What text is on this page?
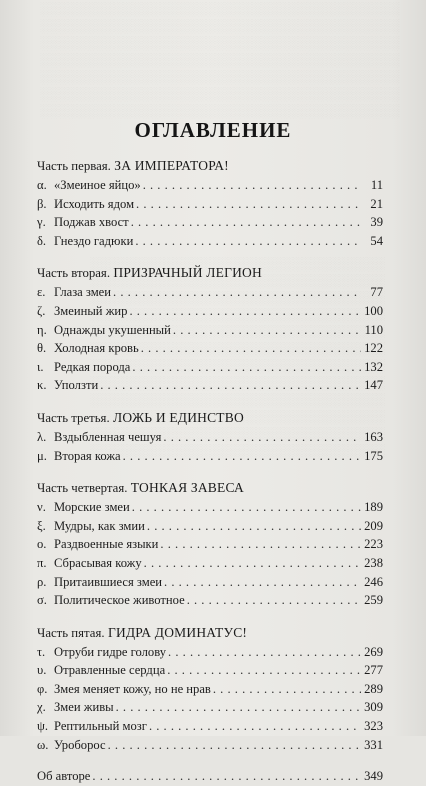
ОГЛАВЛЕНИЕ
Часть первая. ЗА ИМПЕРАТОРА!
α. «Змеиное яйцо» . . .	11
β. Исходить ядом . . .	21
γ. Поджав хвост . . .	39
δ. Гнездо гадюки . . .	54
Часть вторая. ПРИЗРАЧНЫЙ ЛЕГИОН
ε. Глаза змеи . . .	77
ζ. Змеиный жир . . .	100
η. Однажды укушенный . . .	110
θ. Холодная кровь . . .	122
ι. Редкая порода . . .	132
κ. Уползти . . .	147
Часть третья. ЛОЖЬ И ЕДИНСТВО
λ. Вздыбленная чешуя . . .	163
μ. Вторая кожа . . .	175
Часть четвертая. ТОНКАЯ ЗАВЕСА
ν. Морские змеи . . .	189
ξ. Мудры, как змии . . .	209
ο. Раздвоенные языки . . .	223
π. Сбрасывая кожу . . .	238
ρ. Притаившиеся змеи . . .	246
σ. Политическое животное . . .	259
Часть пятая. ГИДРА ДОМИНАТУС!
τ. Отруби гидре голову . . .	269
υ. Отравленные сердца . . .	277
φ. Змея меняет кожу, но не нрав . . .	289
χ. Змеи живы . . .	309
ψ. Рептильный мозг . . .	323
ω. Уроборос . . .	331
Об авторе . . .	349
